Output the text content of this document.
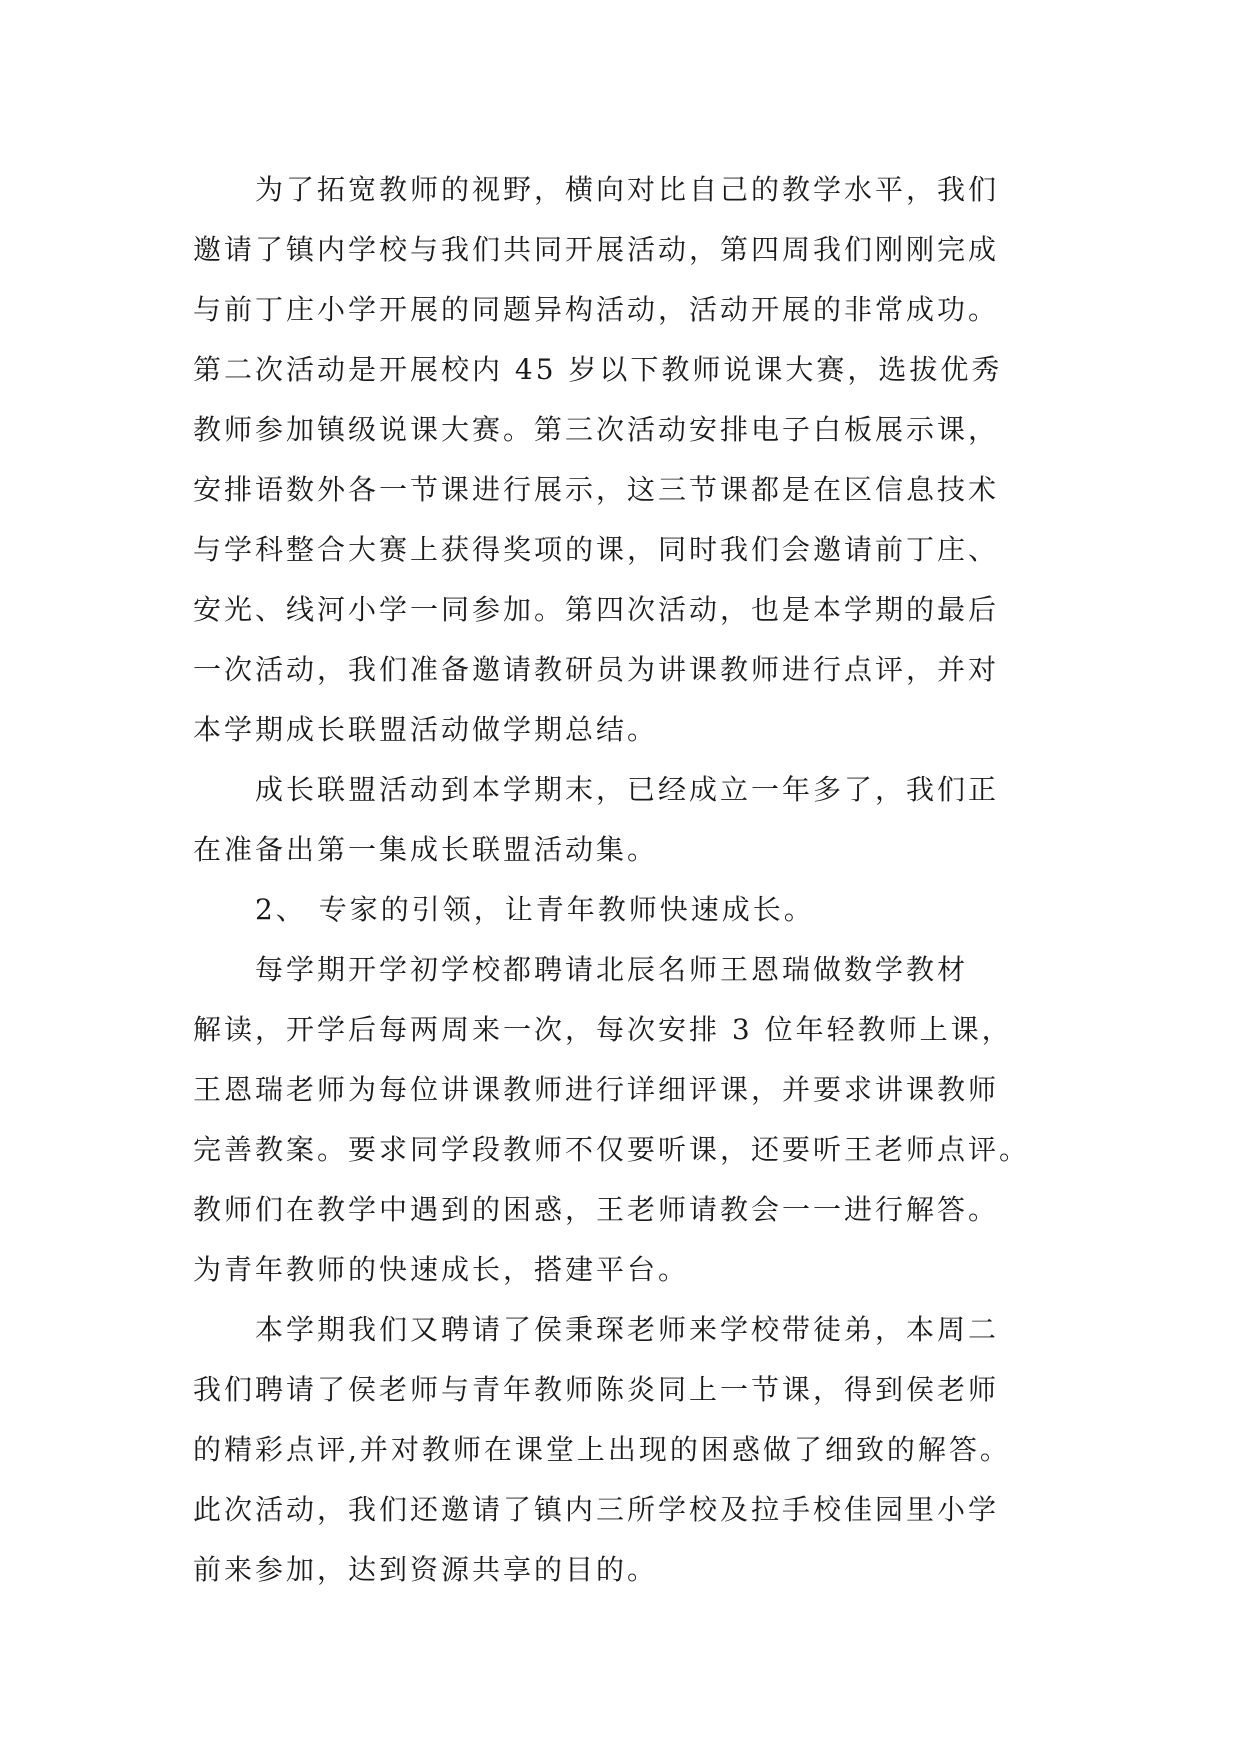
为了拓宽教师的视野，横向对比自己的教学水平，我们
邀请了镇内学校与我们共同开展活动，第四周我们刚刚完成
与前丁庄小学开展的同题异构活动，活动开展的非常成功。
第二次活动是开展校内 45 岁以下教师说课大赛，选拔优秀
教师参加镇级说课大赛。第三次活动安排电子白板展示课，
安排语数外各一节课进行展示，这三节课都是在区信息技术
与学科整合大赛上获得奖项的课，同时我们会邀请前丁庄、
安光、线河小学一同参加。第四次活动，也是本学期的最后
一次活动，我们准备邀请教研员为讲课教师进行点评，并对
本学期成长联盟活动做学期总结。
成长联盟活动到本学期末，已经成立一年多了，我们正
在准备出第一集成长联盟活动集。
2、 专家的引领，让青年教师快速成长。
每学期开学初学校都聘请北辰名师王恩瑞做数学教材
解读，开学后每两周来一次，每次安排 3 位年轻教师上课，
王恩瑞老师为每位讲课教师进行详细评课，并要求讲课教师
完善教案。要求同学段教师不仅要听课，还要听王老师点评。
教师们在教学中遇到的困惑，王老师请教会一一进行解答。
为青年教师的快速成长，搭建平台。
本学期我们又聘请了侯秉琛老师来学校带徒弟，本周二
我们聘请了侯老师与青年教师陈炎同上一节课，得到侯老师
的精彩点评,并对教师在课堂上出现的困惑做了细致的解答。
此次活动，我们还邀请了镇内三所学校及拉手校佳园里小学
前来参加，达到资源共享的目的。
